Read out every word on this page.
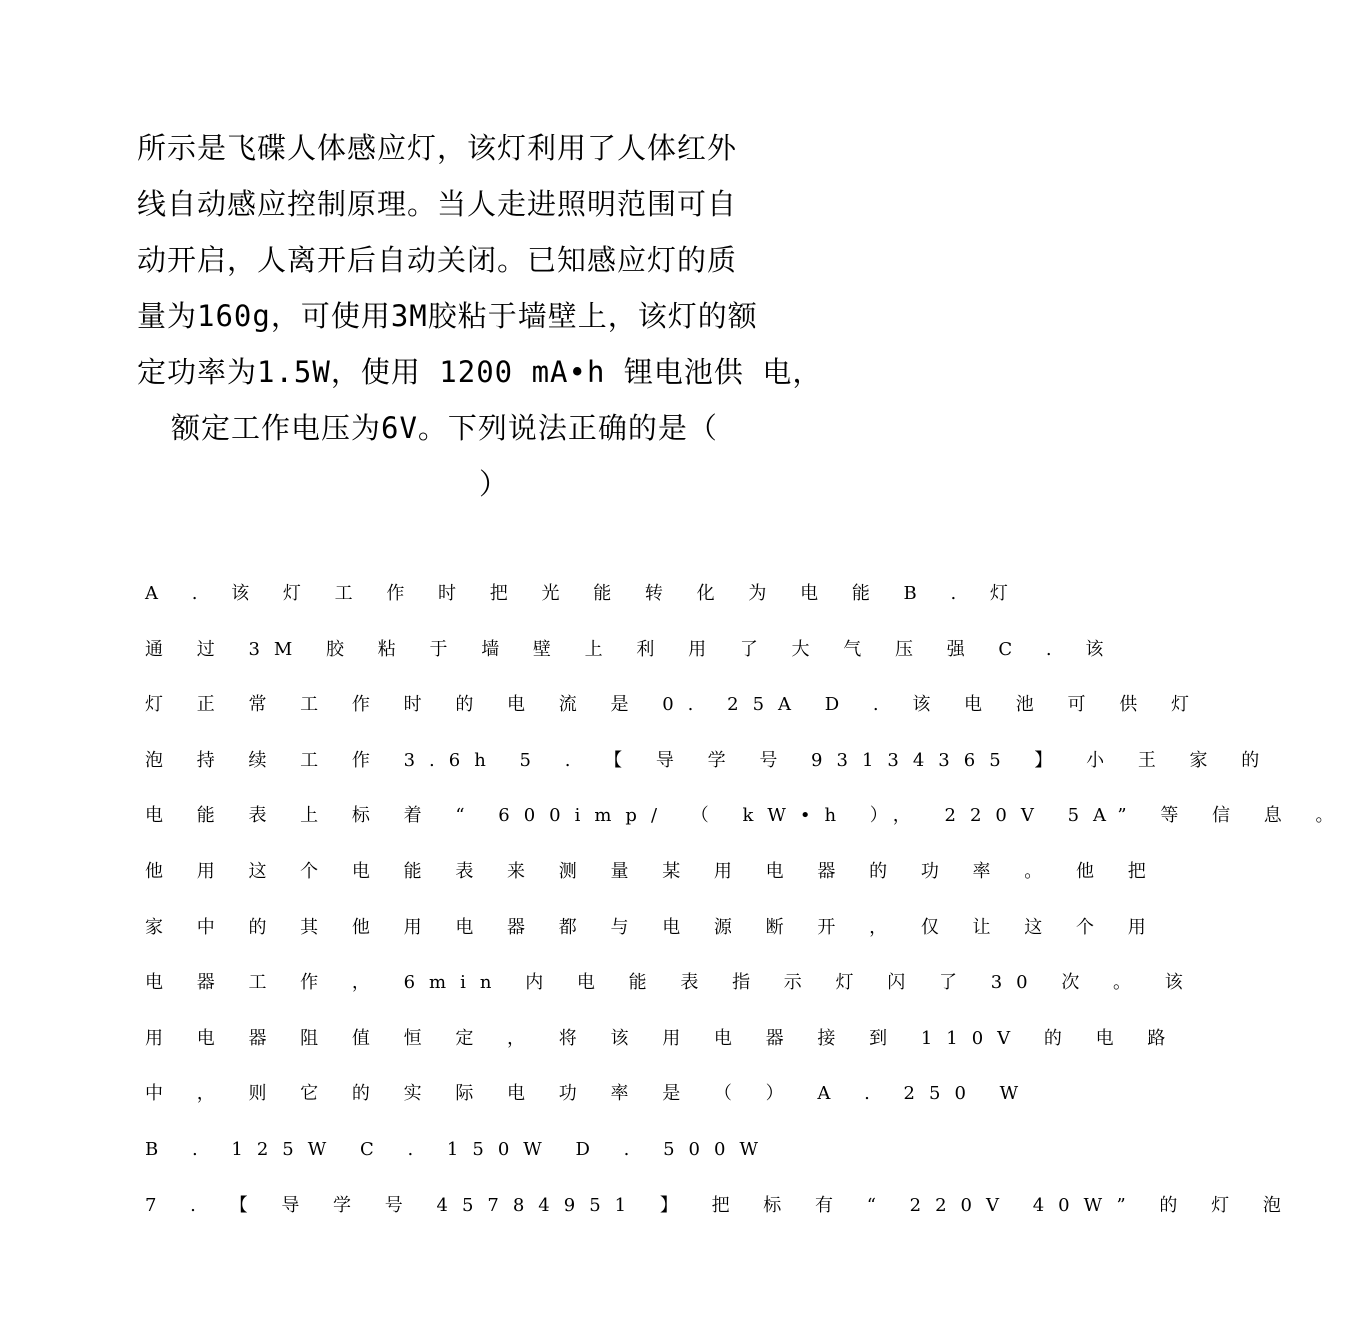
所示是飞碟人体感应灯，该灯利用了人体红外
线自动感应控制原理。当人走进照明范围可自
动开启，人离开后自动关闭。已知感应灯的质
量为160g，可使用3M胶粘于墙壁上，该灯的额
定功率为1.5W，使用 1200 mA•h 锂电池供 电，
额定工作电压为6V。下列说法正确的是（
）
A . 该 灯 工 作 时 把 光 能 转 化 为 电 能 B . 灯
通 过 3M 胶 粘 于 墙 壁 上 利 用 了 大 气 压 强 C . 该
灯 正 常 工 作 时 的 电 流 是 0. 25A D . 该 电 池 可 供 灯
泡 持 续 工 作 3.6h 5 . 【 导 学 号 93134365 】 小 王 家 的
电 能 表 上 标 着 “ 600imp/ （ kW•h ）， 220V 5A” 等 信 息 。
他 用 这 个 电 能 表 来 测 量 某 用 电 器 的 功 率 。 他 把
家 中 的 其 他 用 电 器 都 与 电 源 断 开 ， 仅 让 这 个 用
电 器 工 作 ， 6min 内 电 能 表 指 示 灯 闪 了 30 次 。 该
用 电 器 阻 值 恒 定 ， 将 该 用 电 器 接 到 110V 的 电 路
中 ， 则 它 的 实 际 电 功 率 是 （ ） A . 250 W
B . 125W C . 150W D . 500W
7 . 【 导 学 号 45784951 】 把 标 有 “ 220V 40W” 的 灯 泡
